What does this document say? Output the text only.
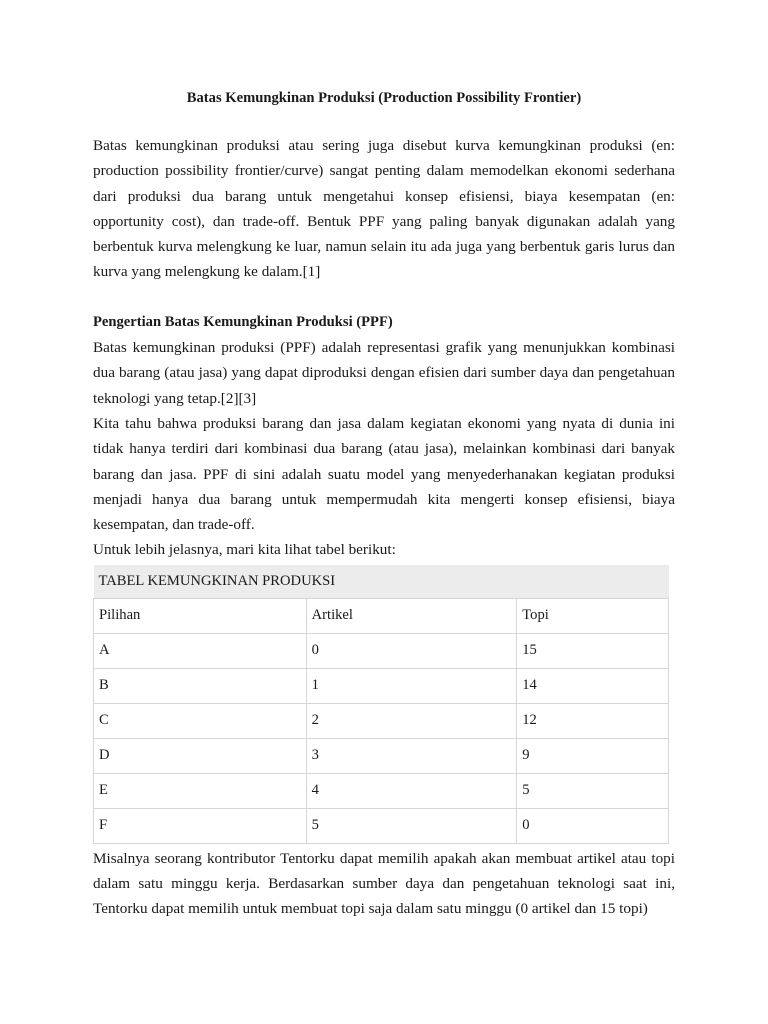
Batas Kemungkinan Produksi (Production Possibility Frontier)

Batas kemungkinan produksi atau sering juga disebut kurva kemungkinan produksi (en: production possibility frontier/curve) sangat penting dalam memodelkan ekonomi sederhana dari produksi dua barang untuk mengetahui konsep efisiensi, biaya kesempatan (en: opportunity cost), dan trade-off. Bentuk PPF yang paling banyak digunakan adalah yang berbentuk kurva melengkung ke luar, namun selain itu ada juga yang berbentuk garis lurus dan kurva yang melengkung ke dalam.[1]

Pengertian Batas Kemungkinan Produksi (PPF)

Batas kemungkinan produksi (PPF) adalah representasi grafik yang menunjukkan kombinasi dua barang (atau jasa) yang dapat diproduksi dengan efisien dari sumber daya dan pengetahuan teknologi yang tetap.[2][3]

Kita tahu bahwa produksi barang dan jasa dalam kegiatan ekonomi yang nyata di dunia ini tidak hanya terdiri dari kombinasi dua barang (atau jasa), melainkan kombinasi dari banyak barang dan jasa. PPF di sini adalah suatu model yang menyederhanakan kegiatan produksi menjadi hanya dua barang untuk mempermudah kita mengerti konsep efisiensi, biaya kesempatan, dan trade-off.

Untuk lebih jelasnya, mari kita lihat tabel berikut:

TABEL KEMUNGKINAN PRODUKSI		
Pilihan	Artikel	Topi
A	0	15
B	1	14
C	2	12
D	3	9
E	4	5
F	5	0

Misalnya seorang kontributor Tentorku dapat memilih apakah akan membuat artikel atau topi dalam satu minggu kerja. Berdasarkan sumber daya dan pengetahuan teknologi saat ini, Tentorku dapat memilih untuk membuat topi saja dalam satu minggu (0 artikel dan 15 topi)
